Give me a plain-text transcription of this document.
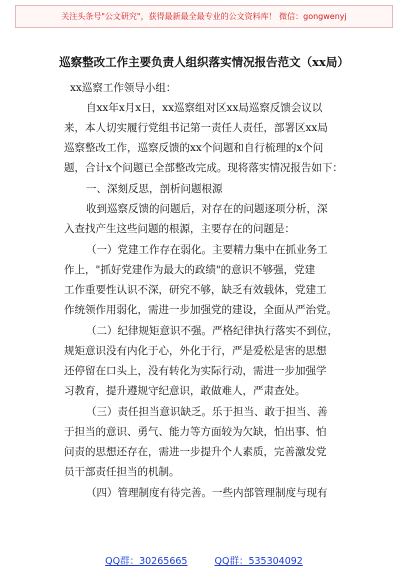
关注头条号"公文研究"，获得最新最全最专业的公文资料库！ 微信：gongwenyj
巡察整改工作主要负责人组织落实情况报告范文（xx局）
xx巡察工作领导小组：
自xx年x月x日，xx巡察组对区xx局巡察反馈会议以
来，本人切实履行党组书记第一责任人责任，部署区xx局
巡察整改工作，巡察反馈的xx个问题和自行梳理的x个问
题，合计x个问题已全部整改完成。现将落实情况报告如下：
一、深刻反思，剖析问题根源
收到巡察反馈的问题后，对存在的问题逐项分析，深
入查找产生这些问题的根源，主要存在的问题是：
（一）党建工作存在弱化。主要精力集中在抓业务工
作上，"抓好党建作为最大的政绩"的意识不够强，党建
工作重要性认识不深，研究不够，缺乏有效载体，党建工
作统领作用弱化，需进一步加强党的建设，全面从严治党。
（二）纪律规矩意识不强。严格纪律执行落实不到位，
规矩意识没有内化于心，外化于行，严是爱松是害的思想
还停留在口头上，没有转化为实际行动，需进一步加强学
习教育，提升遵规守纪意识，敢做难人，严肃查处。
（三）责任担当意识缺乏。乐于担当、敢于担当、善
于担当的意识、勇气、能力等方面较为欠缺，怕出事、怕
问责的思想还存在，需进一步提升个人素质，完善激发党
员干部责任担当的机制。
（四）管理制度有待完善。一些内部管理制度与现有
QQ群：30265665	QQ群：535304092
